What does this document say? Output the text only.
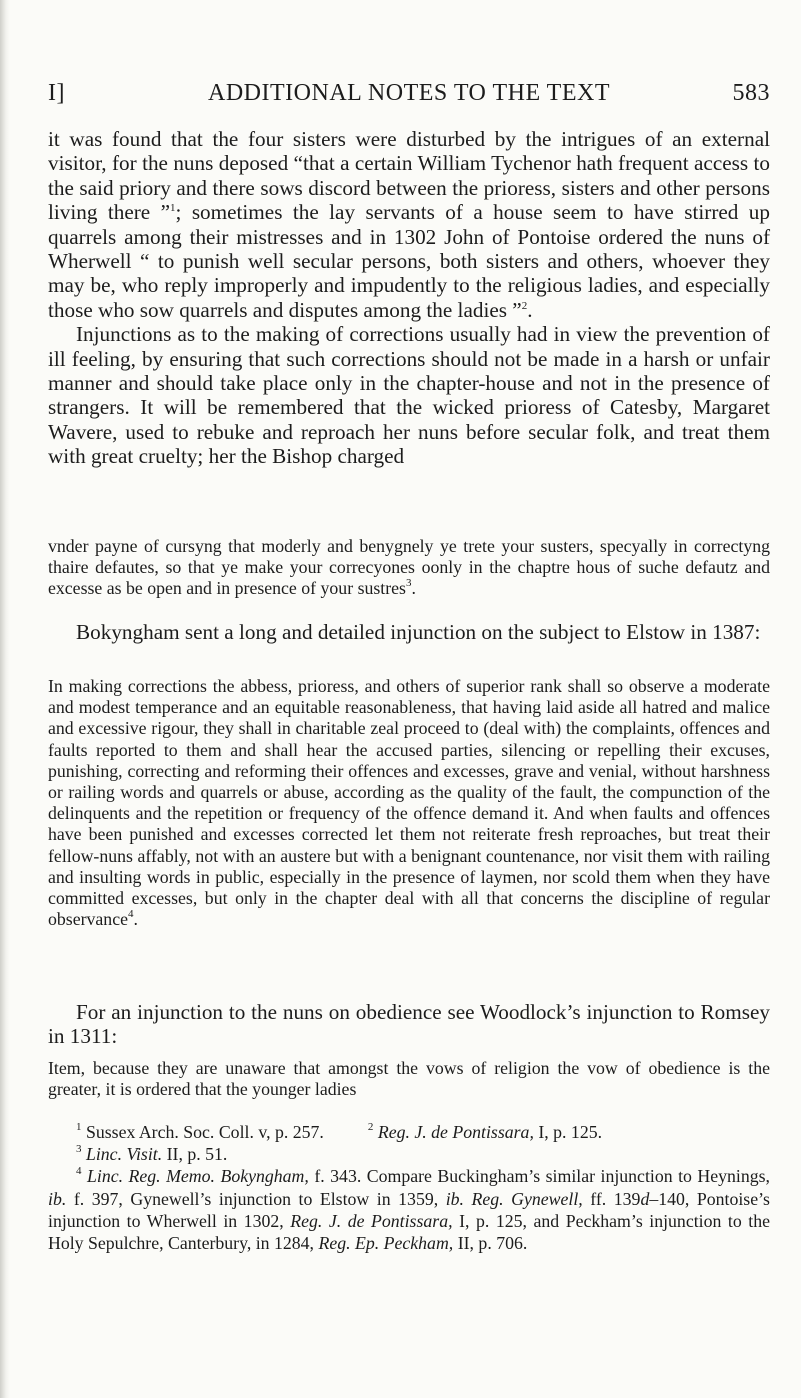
I]	ADDITIONAL NOTES TO THE TEXT	583

it was found that the four sisters were disturbed by the intrigues of an external visitor, for the nuns deposed “that a certain William Tychenor hath frequent access to the said priory and there sows discord between the prioress, sisters and other persons living there ”$^1$; sometimes the lay servants of a house seem to have stirred up quarrels among their mistresses and in 1302 John of Pontoise ordered the nuns of Wherwell “ to punish well secular persons, both sisters and others, whoever they may be, who reply improperly and impudently to the religious ladies, and especially those who sow quarrels and disputes among the ladies ”$^2$.

Injunctions as to the making of corrections usually had in view the prevention of ill feeling, by ensuring that such corrections should not be made in a harsh or unfair manner and should take place only in the chapter-house and not in the presence of strangers. It will be remembered that the wicked prioress of Catesby, Margaret Wavere, used to rebuke and reproach her nuns before secular folk, and treat them with great cruelty; her the Bishop charged

vnder payne of cursyng that moderly and benygnely ye trete your susters, specyally in correctyng thaire defautes, so that ye make your correcyones oonly in the chaptre hous of suche defautz and excesse as be open and in presence of your sustres$^3$.

Bokyngham sent a long and detailed injunction on the subject to Elstow in 1387:

In making corrections the abbess, prioress, and others of superior rank shall so observe a moderate and modest temperance and an equitable reasonableness, that having laid aside all hatred and malice and excessive rigour, they shall in charitable zeal proceed to (deal with) the complaints, offences and faults reported to them and shall hear the accused parties, silencing or repelling their excuses, punishing, correcting and reforming their offences and excesses, grave and venial, without harshness or railing words and quarrels or abuse, according as the quality of the fault, the compunction of the delinquents and the repetition or frequency of the offence demand it. And when faults and offences have been punished and excesses corrected let them not reiterate fresh reproaches, but treat their fellow-nuns affably, not with an austere but with a benignant countenance, nor visit them with railing and insulting words in public, especially in the presence of laymen, nor scold them when they have committed excesses, but only in the chapter deal with all that concerns the discipline of regular observance$^4$.

For an injunction to the nuns on obedience see Woodlock’s injunction to Romsey in 1311:

Item, because they are unaware that amongst the vows of religion the vow of obedience is the greater, it is ordered that the younger ladies

$^1$ Sussex Arch. Soc. Coll. v, p. 257.	$^2$ Reg. J. de Pontissara, I, p. 125.

$^3$ Linc. Visit. II, p. 51.

$^4$ Linc. Reg. Memo. Bokyngham, f. 343. Compare Buckingham’s similar injunction to Heynings, ib. f. 397, Gynewell’s injunction to Elstow in 1359, ib. Reg. Gynewell, ff. 139d–140, Pontoise’s injunction to Wherwell in 1302, Reg. J. de Pontissara, I, p. 125, and Peckham’s injunction to the Holy Sepulchre, Canterbury, in 1284, Reg. Ep. Peckham, II, p. 706.
